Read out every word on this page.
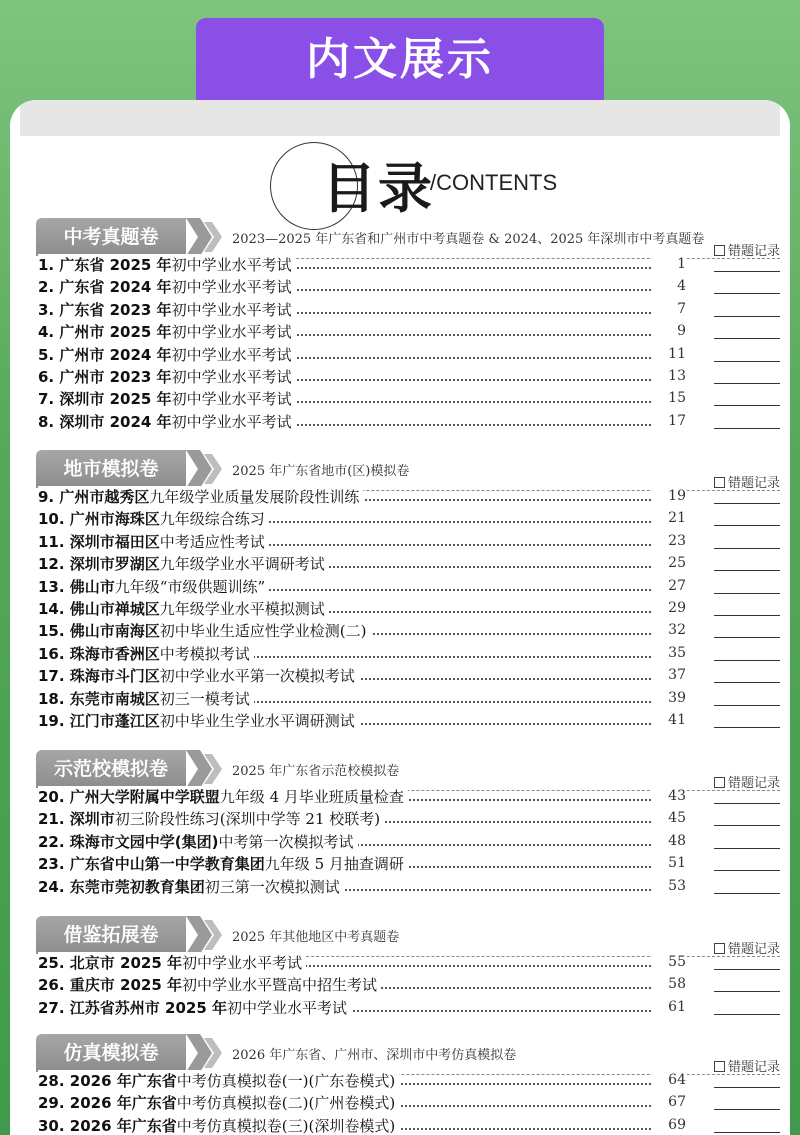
内文展示
目录
/CONTENTS
中考真题卷	2023—2025 年广东省和广州市中考真题卷 & 2024、2025 年深圳市中考真题卷
错题记录
1. 广东省 2025 年初中学业水平考试	1
2. 广东省 2024 年初中学业水平考试	4
3. 广东省 2023 年初中学业水平考试	7
4. 广州市 2025 年初中学业水平考试	9
5. 广州市 2024 年初中学业水平考试	11
6. 广州市 2023 年初中学业水平考试	13
7. 深圳市 2025 年初中学业水平考试	15
8. 深圳市 2024 年初中学业水平考试	17
地市模拟卷	2025 年广东省地市(区)模拟卷
错题记录
9. 广州市越秀区九年级学业质量发展阶段性训练	19
10. 广州市海珠区九年级综合练习	21
11. 深圳市福田区中考适应性考试	23
12. 深圳市罗湖区九年级学业水平调研考试	25
13. 佛山市九年级“市级供题训练”	27
14. 佛山市禅城区九年级学业水平模拟测试	29
15. 佛山市南海区初中毕业生适应性学业检测(二)	32
16. 珠海市香洲区中考模拟考试	35
17. 珠海市斗门区初中学业水平第一次模拟考试	37
18. 东莞市南城区初三一模考试	39
19. 江门市蓬江区初中毕业生学业水平调研测试	41
示范校模拟卷	2025 年广东省示范校模拟卷
错题记录
20. 广州大学附属中学联盟九年级 4 月毕业班质量检查	43
21. 深圳市初三阶段性练习(深圳中学等 21 校联考)	45
22. 珠海市文园中学(集团)中考第一次模拟考试	48
23. 广东省中山第一中学教育集团九年级 5 月抽查调研	51
24. 东莞市莞初教育集团初三第一次模拟测试	53
借鉴拓展卷	2025 年其他地区中考真题卷
错题记录
25. 北京市 2025 年初中学业水平考试	55
26. 重庆市 2025 年初中学业水平暨高中招生考试	58
27. 江苏省苏州市 2025 年初中学业水平考试	61
仿真模拟卷	2026 年广东省、广州市、深圳市中考仿真模拟卷
错题记录
28. 2026 年广东省中考仿真模拟卷(一)(广东卷模式)	64
29. 2026 年广东省中考仿真模拟卷(二)(广州卷模式)	67
30. 2026 年广东省中考仿真模拟卷(三)(深圳卷模式)	69
